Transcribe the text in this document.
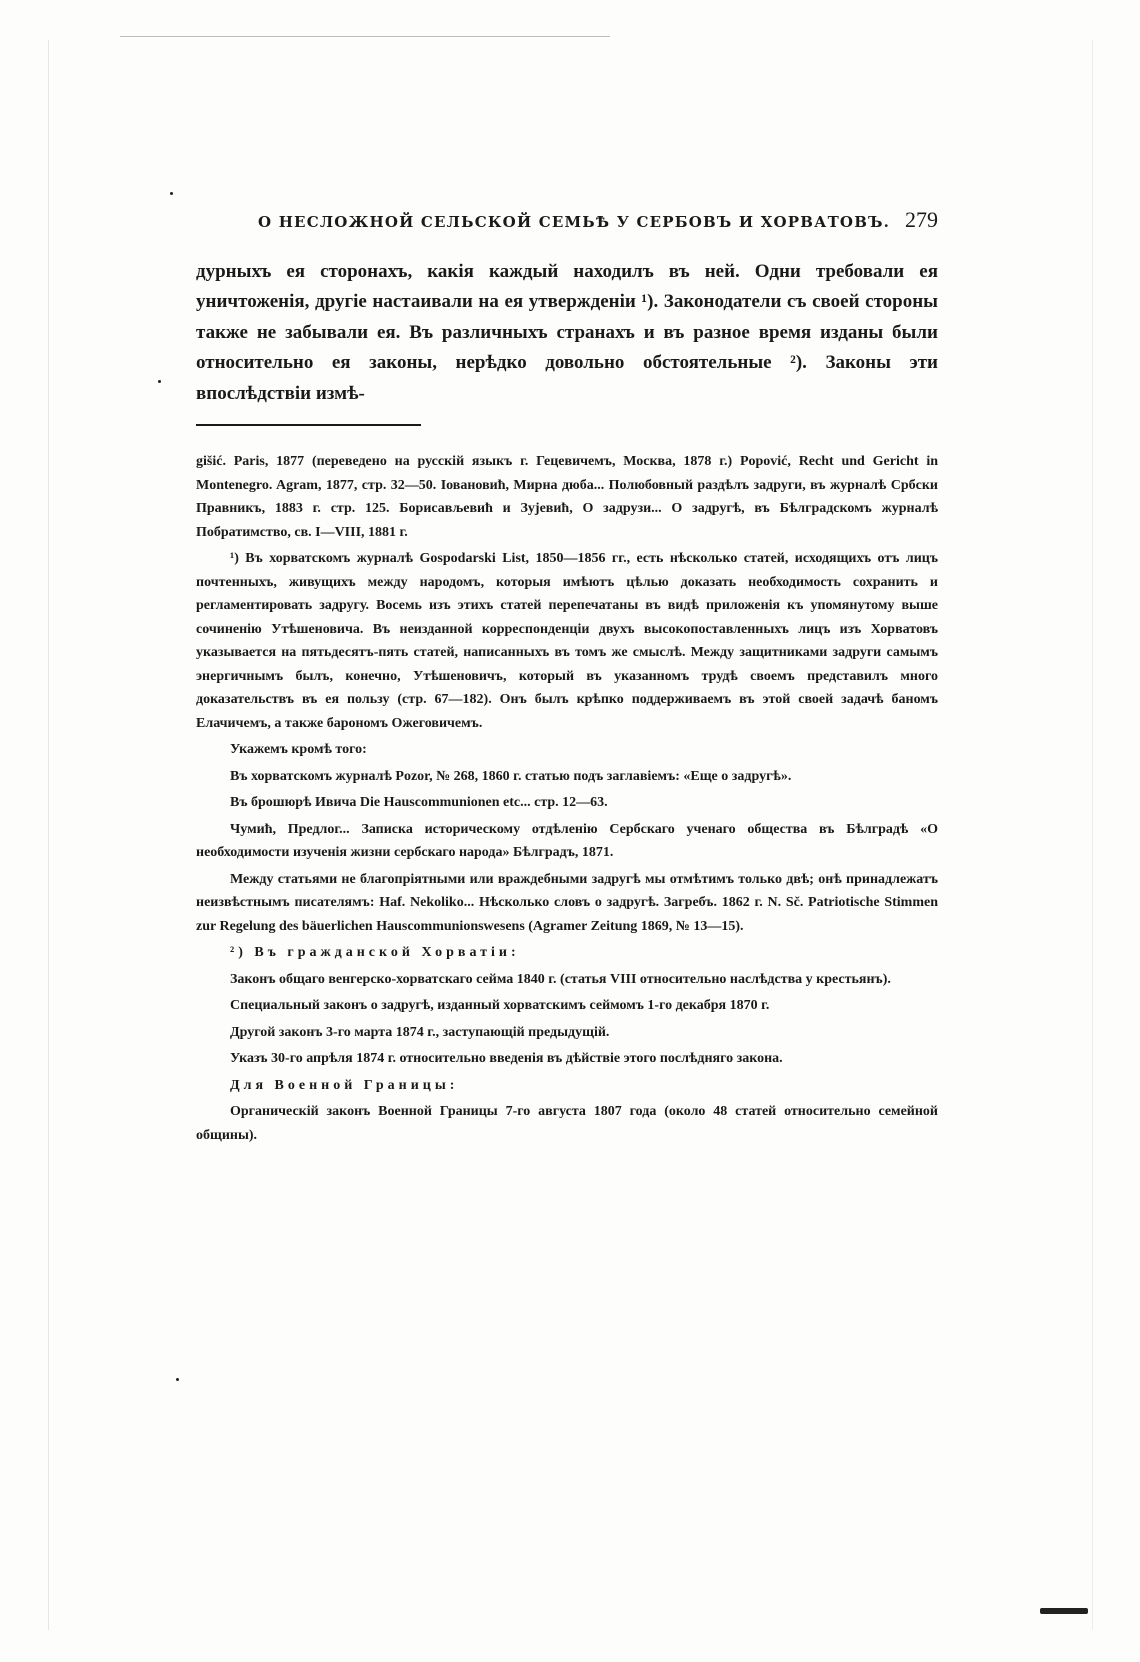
О НЕСЛОЖНОЙ СЕЛЬСКОЙ СЕМЬѢ У СЕРБОВЪ И ХОРВАТОВЪ. 279

дурныхъ ея сторонахъ, какія каждый находилъ въ ней. Одни требовали ея уничтоженія, другіе настаивали на ея утвержденіи ¹). Законодатели съ своей стороны также не забывали ея. Въ различныхъ странахъ и въ разное время изданы были относительно ея законы, нерѣдко довольно обстоятельные ²). Законы эти впослѣдствіи измѣ-

gišić. Paris, 1877 (переведено на русскій языкъ г. Гецевичемъ, Москва, 1878 г.) Popović, Recht und Gericht in Montenegro. Agram, 1877, стр. 32—50. Іовановић, Мирна дюба... Полюбовный раздѣлъ задруги, въ журналѣ Србски Правникъ, 1883 г. стр. 125. Борисављевић и Зујевић, О задрузи... О задругѣ, въ Бѣлградскомъ журналѣ Побратимство, св. I—VIII, 1881 г.

¹) Въ хорватскомъ журналѣ Gospodarski List, 1850—1856 гг., есть нѣсколько статей, исходящихъ отъ лицъ почтенныхъ, живущихъ между народомъ, которыя имѣютъ цѣлью доказать необходимость сохранить и регламентировать задругу. Восемь изъ этихъ статей перепечатаны въ видѣ приложенія къ упомянутому выше сочиненію Утѣшеновича. Въ неизданной корреспонденціи двухъ высокопоставленныхъ лицъ изъ Хорватовъ указывается на пятьдесятъ-пять статей, написанныхъ въ томъ же смыслѣ. Между защитниками задруги самымъ энергичнымъ былъ, конечно, Утѣшеновичъ, который въ указанномъ трудѣ своемъ представилъ много доказательствъ въ ея пользу (стр. 67—182). Онъ былъ крѣпко поддерживаемъ въ этой своей задачѣ баномъ Елачичемъ, а также барономъ Ожеговичемъ.

Укажемъ кромѣ того:

Въ хорватскомъ журналѣ Pozor, № 268, 1860 г. статью подъ заглавіемъ: «Еще о задругѣ».

Въ брошюрѣ Ивича Die Hauscommunionen etc... стр. 12—63.

Чумић, Предлог... Записка историческому отдѣленію Сербскаго ученаго общества въ Бѣлградѣ «О необходимости изученія жизни сербскаго народа» Бѣлградъ, 1871.

Между статьями не благопріятными или враждебными задругѣ мы отмѣтимъ только двѣ; онѣ принадлежатъ неизвѣстнымъ писателямъ: Haf. Nekoliko... Нѣсколько словъ о задругѣ. Загребъ. 1862 г. N. Sč. Patriotische Stimmen zur Regelung des bäuerlichen Hauscommunionswesens (Agramer Zeitung 1869, № 13—15).

²) Въ гражданской Хорватіи:

Законъ общаго венгерско-хорватскаго сейма 1840 г. (статья VIII относительно наслѣдства у крестьянъ).

Специальный законъ о задругѣ, изданный хорватскимъ сеймомъ 1-го декабря 1870 г.

Другой законъ 3-го марта 1874 г., заступающій предыдущій.

Указъ 30-го апрѣля 1874 г. относительно введенія въ дѣйствіе этого послѣдняго закона.

Для Военной Границы:

Органическій законъ Военной Границы 7-го августа 1807 года (около 48 статей относительно семейной общины).
